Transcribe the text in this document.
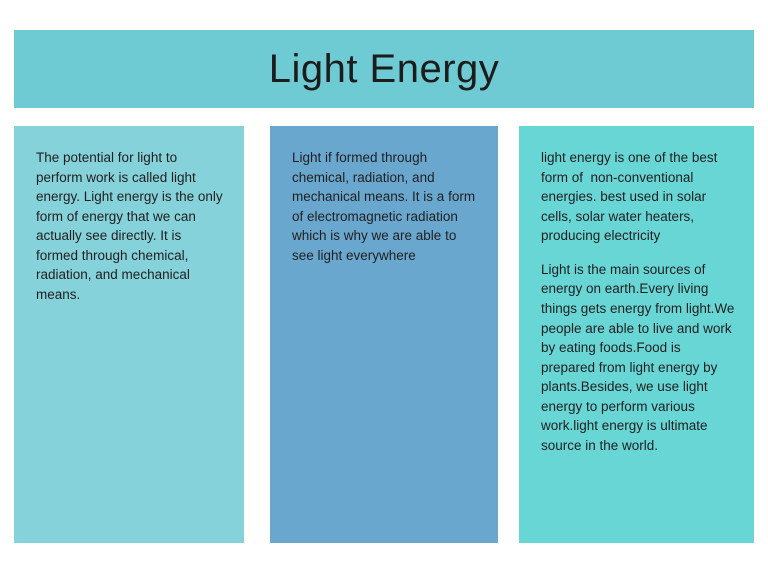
Light Energy
The potential for light to perform work is called light energy. Light energy is the only form of energy that we can actually see directly. It is formed through chemical, radiation, and mechanical means.
Light if formed through chemical, radiation, and mechanical means. It is a form of electromagnetic radiation which is why we are able to see light everywhere
light energy is one of the best form of  non-conventional energies. best used in solar cells, solar water heaters, producing electricity
Light is the main sources of energy on earth.Every living things gets energy from light.We people are able to live and work by eating foods.Food is prepared from light energy by plants.Besides, we use light energy to perform various work.light energy is ultimate source in the world.
